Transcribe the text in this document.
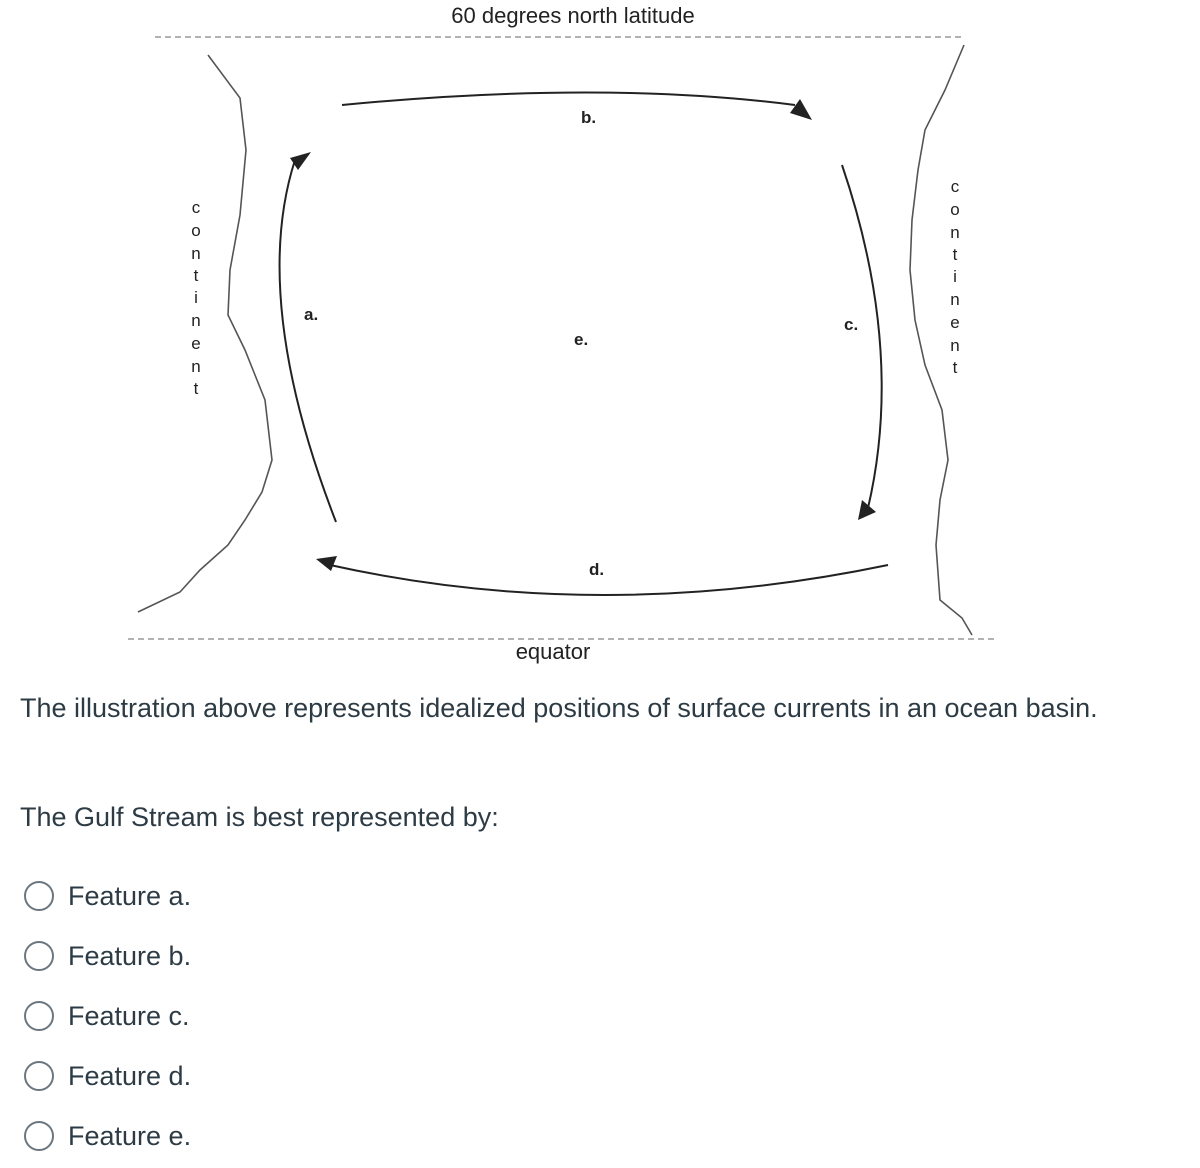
60 degrees north latitude
equator
a.
b.
c.
d.
e.
c
o
n
t
i
n
e
n
t
c
o
n
t
i
n
e
n
t

The illustration above represents idealized positions of surface currents in an ocean basin.

The Gulf Stream is best represented by:

Feature a.
Feature b.
Feature c.
Feature d.
Feature e.
